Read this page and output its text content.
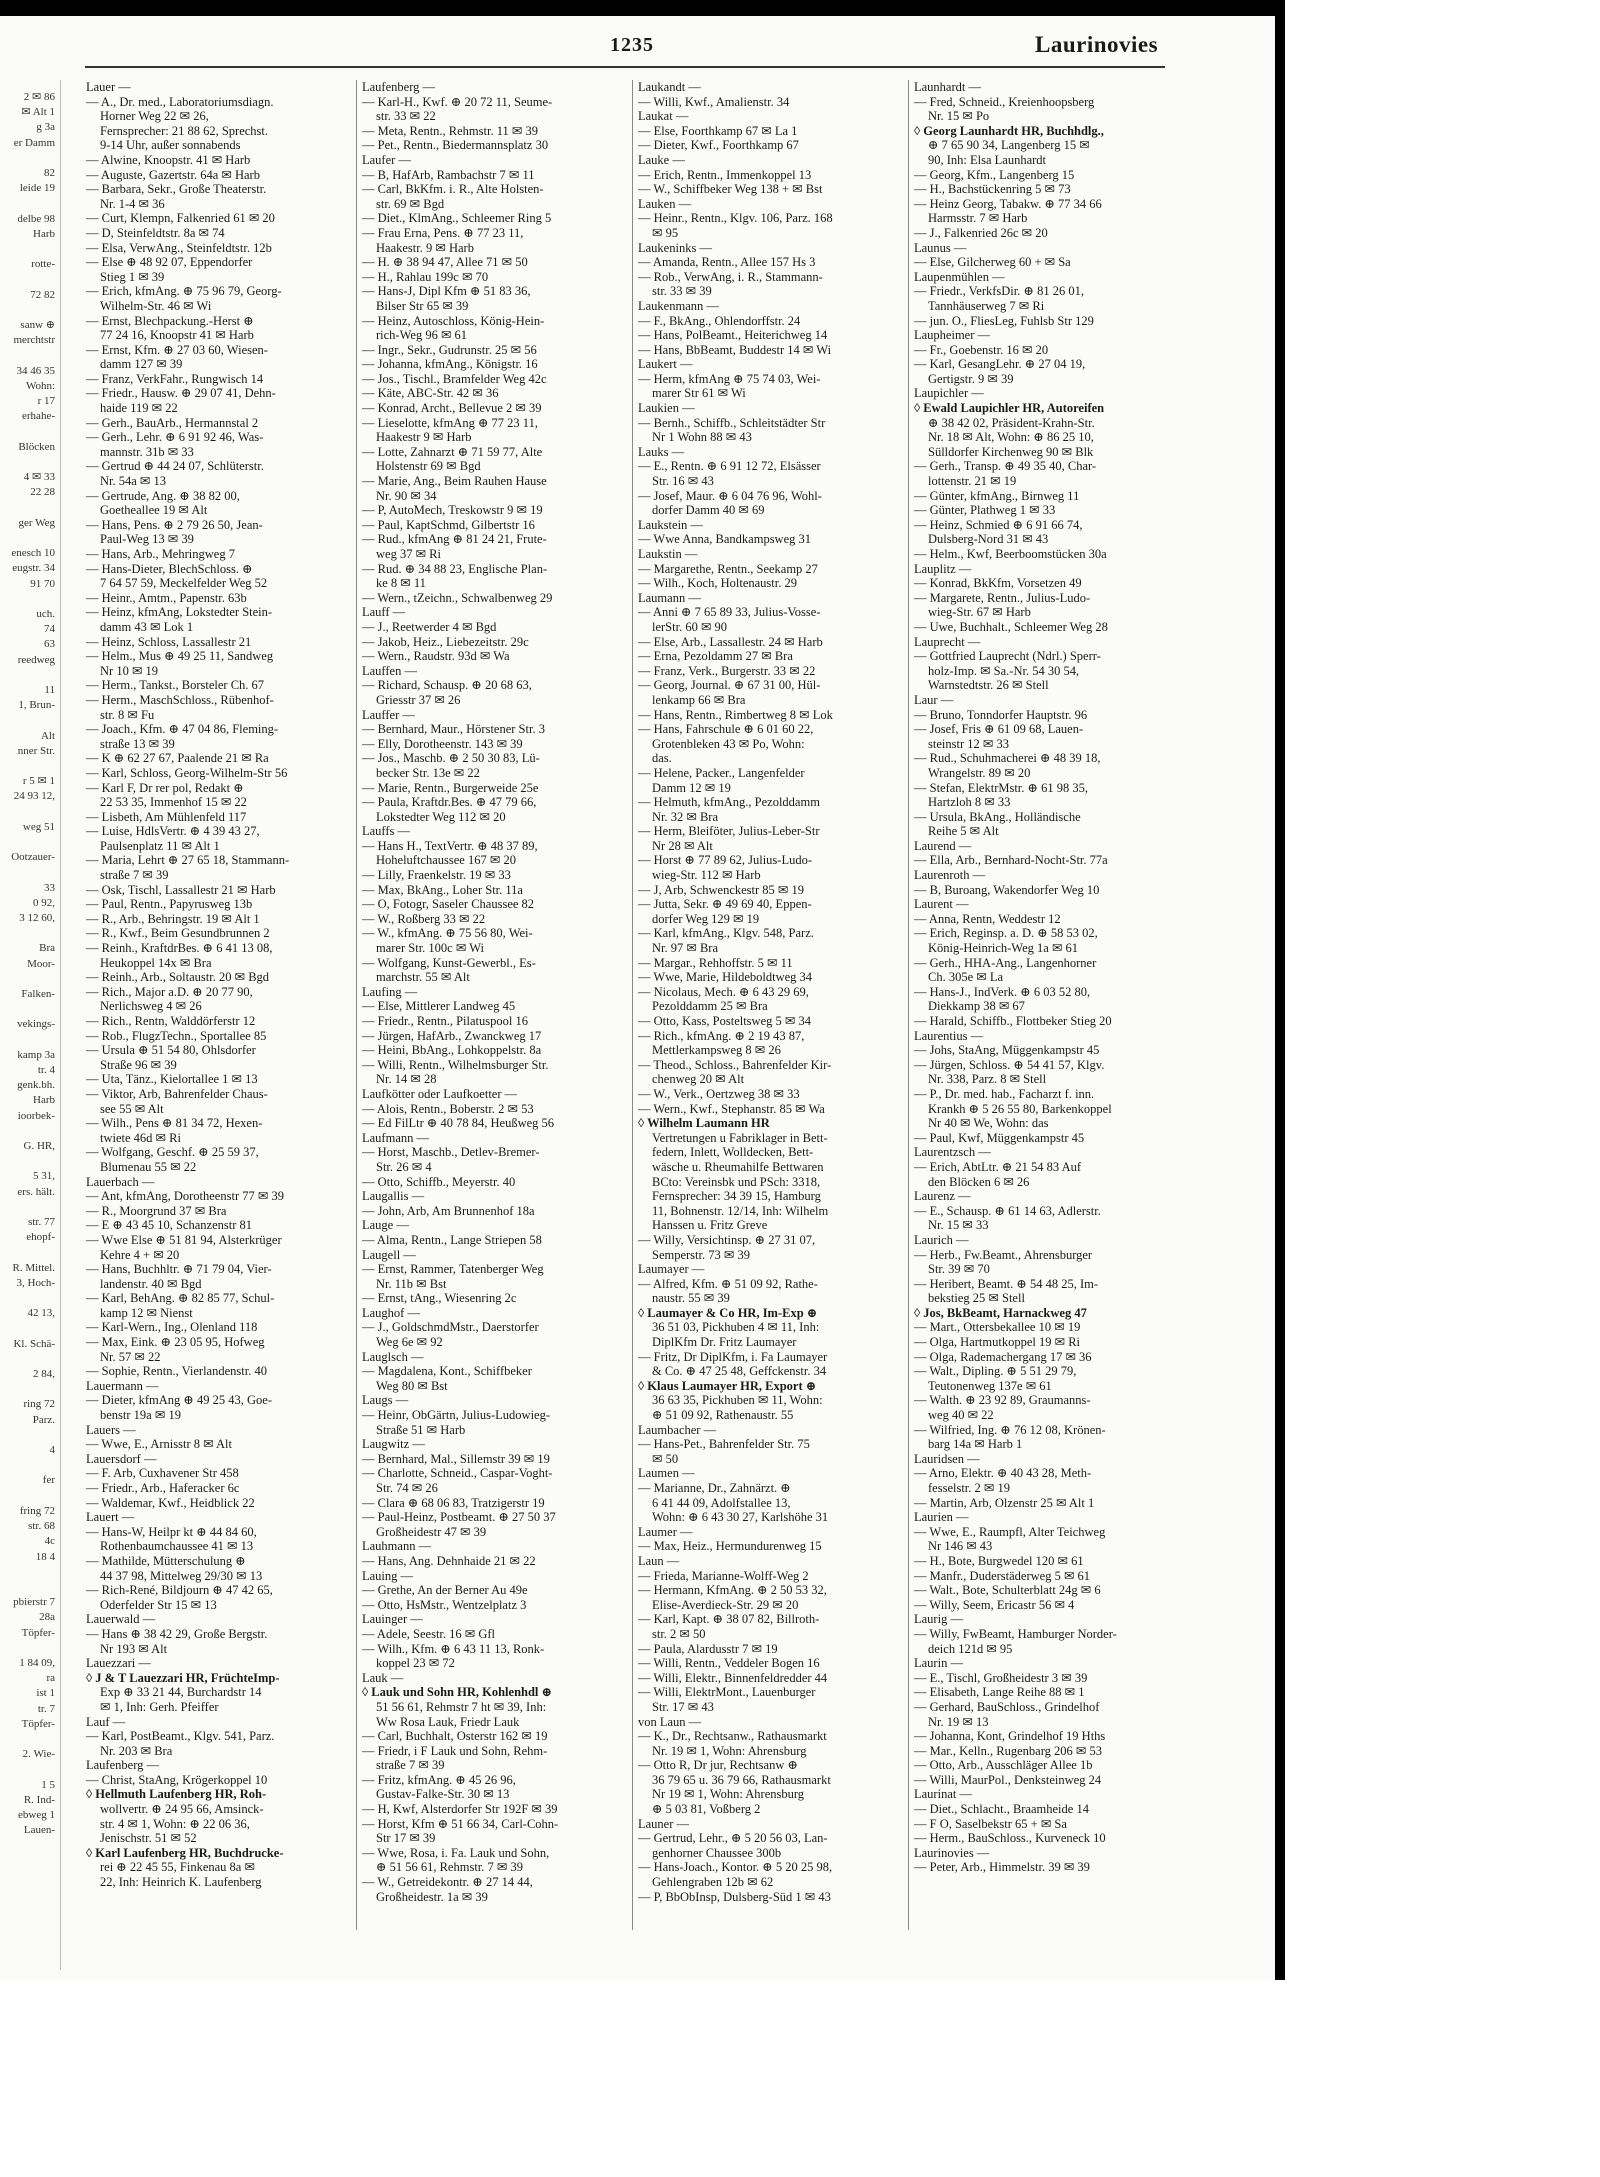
2 ✉ 86
✉ Alt 1
g 3a
er Damm

82
leide 19

delbe 98
Harb

rotte-

72 82

sanw ⊕
merchtstr

34 46 35
Wohn:
r 17
erhahe-

Blöcken

4 ✉ 33
22 28

ger Weg

enesch 10
eugstr. 34
91 70

uch.
74
63
reedweg

11
1, Brun-

Alt
nner Str.

r 5 ✉ 1
24 93 12,

weg 51

Ootzauer-

33
0 92,
3 12 60,

Bra
Moor-

Falken-

vekings-

kamp 3a
tr. 4
genk.bh.
Harb
ioorbek-

G. HR,

5 31,
ers. hält.

str. 77
ehopf-

R. Mittel.
3, Hoch-

42 13,

Kl. Schä-

2 84,

ring 72
Parz.

4

fer

fring 72
str. 68
4c
18 4

pbierstr 7
28a
Töpfer-

1 84 09,
ra
ist 1
tr. 7
Töpfer-

2. Wie-

1 5
R. Ind-
ebweg 1
Lauen-
1235	Laurinovies
Lauer —
— A., Dr. med., Laboratoriumsdiagn.
Horner Weg 22 ✉ 26,
Fernsprecher: 21 88 62, Sprechst.
9-14 Uhr, außer sonnabends
— Alwine, Knoopstr. 41 ✉ Harb
— Auguste, Gazertstr. 64a ✉ Harb
— Barbara, Sekr., Große Theaterstr.
Nr. 1-4 ✉ 36
— Curt, Klempn, Falkenried 61 ✉ 20
— D, Steinfeldtstr. 8a ✉ 74
— Elsa, VerwAng., Steinfeldtstr. 12b
— Else ⊕ 48 92 07, Eppendorfer
Stieg 1 ✉ 39
— Erich, kfmAng. ⊕ 75 96 79, Georg-
Wilhelm-Str. 46 ✉ Wi
— Ernst, Blechpackung.-Herst ⊕
77 24 16, Knoopstr 41 ✉ Harb
— Ernst, Kfm. ⊕ 27 03 60, Wiesen-
damm 127 ✉ 39
— Franz, VerkFahr., Rungwisch 14
— Friedr., Hausw. ⊕ 29 07 41, Dehn-
haide 119 ✉ 22
— Gerh., BauArb., Hermannstal 2
— Gerh., Lehr. ⊕ 6 91 92 46, Was-
mannstr. 31b ✉ 33
— Gertrud ⊕ 44 24 07, Schlüterstr.
Nr. 54a ✉ 13
— Gertrude, Ang. ⊕ 38 82 00,
Goetheallee 19 ✉ Alt
— Hans, Pens. ⊕ 2 79 26 50, Jean-
Paul-Weg 13 ✉ 39
— Hans, Arb., Mehringweg 7
— Hans-Dieter, BlechSchloss. ⊕
7 64 57 59, Meckelfelder Weg 52
— Heinr., Amtm., Papenstr. 63b
— Heinz, kfmAng, Lokstedter Stein-
damm 43 ✉ Lok 1
— Heinz, Schloss, Lassallestr 21
— Helm., Mus ⊕ 49 25 11, Sandweg
Nr 10 ✉ 19
— Herm., Tankst., Borsteler Ch. 67
— Herm., MaschSchloss., Rübenhof-
str. 8 ✉ Fu
— Joach., Kfm. ⊕ 47 04 86, Fleming-
straße 13 ✉ 39
— K ⊕ 62 27 67, Paalende 21 ✉ Ra
— Karl, Schloss, Georg-Wilhelm-Str 56
— Karl F, Dr rer pol, Redakt ⊕
22 53 35, Immenhof 15 ✉ 22
— Lisbeth, Am Mühlenfeld 117
— Luise, HdlsVertr. ⊕ 4 39 43 27,
Paulsenplatz 11 ✉ Alt 1
— Maria, Lehrt ⊕ 27 65 18, Stammann-
straße 7 ✉ 39
— Osk, Tischl, Lassallestr 21 ✉ Harb
— Paul, Rentn., Papyrusweg 13b
— R., Arb., Behringstr. 19 ✉ Alt 1
— R., Kwf., Beim Gesundbrunnen 2
— Reinh., KraftdrBes. ⊕ 6 41 13 08,
Heukoppel 14x ✉ Bra
— Reinh., Arb., Soltaustr. 20 ✉ Bgd
— Rich., Major a.D. ⊕ 20 77 90,
Nerlichsweg 4 ✉ 26
— Rich., Rentn, Walddörferstr 12
— Rob., FlugzTechn., Sportallee 85
— Ursula ⊕ 51 54 80, Ohlsdorfer
Straße 96 ✉ 39
— Uta, Tänz., Kielortallee 1 ✉ 13
— Viktor, Arb, Bahrenfelder Chaus-
see 55 ✉ Alt
— Wilh., Pens ⊕ 81 34 72, Hexen-
twiete 46d ✉ Ri
— Wolfgang, Geschf. ⊕ 25 59 37,
Blumenau 55 ✉ 22
Lauerbach —
— Ant, kfmAng, Dorotheenstr 77 ✉ 39
— R., Moorgrund 37 ✉ Bra
— E ⊕ 43 45 10, Schanzenstr 81
— Wwe Else ⊕ 51 81 94, Alsterkrüger
Kehre 4 + ✉ 20
— Hans, Buchhltr. ⊕ 71 79 04, Vier-
landenstr. 40 ✉ Bgd
— Karl, BehAng. ⊕ 82 85 77, Schul-
kamp 12 ✉ Nienst
— Karl-Wern., Ing., Olenland 118
— Max, Eink. ⊕ 23 05 95, Hofweg
Nr. 57 ✉ 22
— Sophie, Rentn., Vierlandenstr. 40
Lauermann —
— Dieter, kfmAng ⊕ 49 25 43, Goe-
benstr 19a ✉ 19
Lauers —
— Wwe, E., Arnisstr 8 ✉ Alt
Lauersdorf —
— F. Arb, Cuxhavener Str 458
— Friedr., Arb., Haferacker 6c
— Waldemar, Kwf., Heidblick 22
Lauert —
— Hans-W, Heilpr kt ⊕ 44 84 60,
Rothenbaumchaussee 41 ✉ 13
— Mathilde, Mütterschulung ⊕
44 37 98, Mittelweg 29/30 ✉ 13
— Rich-René, Bildjourn ⊕ 47 42 65,
Oderfelder Str 15 ✉ 13
Lauerwald —
— Hans ⊕ 38 42 29, Große Bergstr.
Nr 193 ✉ Alt
Lauezzari —
◊ J & T Lauezzari HR, FrüchteImp-
Exp ⊕ 33 21 44, Burchardstr 14
✉ 1, Inh: Gerh. Pfeiffer
Lauf —
— Karl, PostBeamt., Klgv. 541, Parz.
Nr. 203 ✉ Bra
Laufenberg —
— Christ, StaAng, Krögerkoppel 10
◊ Hellmuth Laufenberg HR, Roh-
wollvertr. ⊕ 24 95 66, Amsinck-
str. 4 ✉ 1, Wohn: ⊕ 22 06 36,
Jenischstr. 51 ✉ 52
◊ Karl Laufenberg HR, Buchdrucke-
rei ⊕ 22 45 55, Finkenau 8a ✉
22, Inh: Heinrich K. Laufenberg
Laufenberg —
— Karl-H., Kwf. ⊕ 20 72 11, Seume-
str. 33 ✉ 22
— Meta, Rentn., Rehmstr. 11 ✉ 39
— Pet., Rentn., Biedermannsplatz 30
Laufer —
— B, HafArb, Rambachstr 7 ✉ 11
— Carl, BkKfm. i. R., Alte Holsten-
str. 69 ✉ Bgd
— Diet., KlmAng., Schleemer Ring 5
— Frau Erna, Pens. ⊕ 77 23 11,
Haakestr. 9 ✉ Harb
— H. ⊕ 38 94 47, Allee 71 ✉ 50
— H., Rahlau 199c ✉ 70
— Hans-J, Dipl Kfm ⊕ 51 83 36,
Bilser Str 65 ✉ 39
— Heinz, Autoschloss, König-Hein-
rich-Weg 96 ✉ 61
— Ingr., Sekr., Gudrunstr. 25 ✉ 56
— Johanna, kfmAng., Königstr. 16
— Jos., Tischl., Bramfelder Weg 42c
— Käte, ABC-Str. 42 ✉ 36
— Konrad, Archt., Bellevue 2 ✉ 39
— Lieselotte, kfmAng ⊕ 77 23 11,
Haakestr 9 ✉ Harb
— Lotte, Zahnarzt ⊕ 71 59 77, Alte
Holstenstr 69 ✉ Bgd
— Marie, Ang., Beim Rauhen Hause
Nr. 90 ✉ 34
— P, AutoMech, Treskowstr 9 ✉ 19
— Paul, KaptSchmd, Gilbertstr 16
— Rud., kfmAng ⊕ 81 24 21, Frute-
weg 37 ✉ Ri
— Rud. ⊕ 34 88 23, Englische Plan-
ke 8 ✉ 11
— Wern., tZeichn., Schwalbenweg 29
Lauff —
— J., Reetwerder 4 ✉ Bgd
— Jakob, Heiz., Liebezeitstr. 29c
— Wern., Raudstr. 93d ✉ Wa
Lauffen —
— Richard, Schausp. ⊕ 20 68 63,
Griesstr 37 ✉ 26
Lauffer —
— Bernhard, Maur., Hörstener Str. 3
— Elly, Dorotheenstr. 143 ✉ 39
— Jos., Maschb. ⊕ 2 50 30 83, Lü-
becker Str. 13e ✉ 22
— Marie, Rentn., Burgerweide 25e
— Paula, Kraftdr.Bes. ⊕ 47 79 66,
Lokstedter Weg 112 ✉ 20
Lauffs —
— Hans H., TextVertr. ⊕ 48 37 89,
Hoheluftchaussee 167 ✉ 20
— Lilly, Fraenkelstr. 19 ✉ 33
— Max, BkAng., Loher Str. 11a
— O, Fotogr, Saseler Chaussee 82
— W., Roßberg 33 ✉ 22
— W., kfmAng. ⊕ 75 56 80, Wei-
marer Str. 100c ✉ Wi
— Wolfgang, Kunst-Gewerbl., Es-
marchstr. 55 ✉ Alt
Laufing —
— Else, Mittlerer Landweg 45
— Friedr., Rentn., Pilatuspool 16
— Jürgen, HafArb., Zwanckweg 17
— Heini, BbAng., Lohkoppelstr. 8a
— Willi, Rentn., Wilhelmsburger Str.
Nr. 14 ✉ 28
Laufkötter oder Laufkoetter —
— Alois, Rentn., Boberstr. 2 ✉ 53
— Ed FilLtr ⊕ 40 78 84, Heußweg 56
Laufmann —
— Horst, Maschb., Detlev-Bremer-
Str. 26 ✉ 4
— Otto, Schiffb., Meyerstr. 40
Laugallis —
— John, Arb, Am Brunnenhof 18a
Lauge —
— Alma, Rentn., Lange Striepen 58
Laugell —
— Ernst, Rammer, Tatenberger Weg
Nr. 11b ✉ Bst
— Ernst, tAng., Wiesenring 2c
Laughof —
— J., GoldschmdMstr., Daerstorfer
Weg 6e ✉ 92
Lauglsch —
— Magdalena, Kont., Schiffbeker
Weg 80 ✉ Bst
Laugs —
— Heinr, ObGärtn, Julius-Ludowieg-
Straße 51 ✉ Harb
Laugwitz —
— Bernhard, Mal., Sillemstr 39 ✉ 19
— Charlotte, Schneid., Caspar-Voght-
Str. 74 ✉ 26
— Clara ⊕ 68 06 83, Tratzigerstr 19
— Paul-Heinz, Postbeamt. ⊕ 27 50 37
Großheidestr 47 ✉ 39
Lauhmann —
— Hans, Ang. Dehnhaide 21 ✉ 22
Lauing —
— Grethe, An der Berner Au 49e
— Otto, HsMstr., Wentzelplatz 3
Lauinger —
— Adele, Seestr. 16 ✉ Gfl
— Wilh., Kfm. ⊕ 6 43 11 13, Ronk-
koppel 23 ✉ 72
Lauk —
◊ Lauk und Sohn HR, Kohlenhdl ⊕
51 56 61, Rehmstr 7 ht ✉ 39, Inh:
Ww Rosa Lauk, Friedr Lauk
— Carl, Buchhalt, Osterstr 162 ✉ 19
— Friedr, i F Lauk und Sohn, Rehm-
straße 7 ✉ 39
— Fritz, kfmAng. ⊕ 45 26 96,
Gustav-Falke-Str. 30 ✉ 13
— H, Kwf, Alsterdorfer Str 192F ✉ 39
— Horst, Kfm ⊕ 51 66 34, Carl-Cohn-
Str 17 ✉ 39
— Wwe, Rosa, i. Fa. Lauk und Sohn,
⊕ 51 56 61, Rehmstr. 7 ✉ 39
— W., Getreidekontr. ⊕ 27 14 44,
Großheidestr. 1a ✉ 39
Laukandt —
— Willi, Kwf., Amalienstr. 34
Laukat —
— Else, Foorthkamp 67 ✉ La 1
— Dieter, Kwf., Foorthkamp 67
Lauke —
— Erich, Rentn., Immenkoppel 13
— W., Schiffbeker Weg 138 + ✉ Bst
Lauken —
— Heinr., Rentn., Klgv. 106, Parz. 168
✉ 95
Laukeninks —
— Amanda, Rentn., Allee 157 Hs 3
— Rob., VerwAng, i. R., Stammann-
str. 33 ✉ 39
Laukenmann —
— F., BkAng., Ohlendorffstr. 24
— Hans, PolBeamt., Heiterichweg 14
— Hans, BbBeamt, Buddestr 14 ✉ Wi
Laukert —
— Herm, kfmAng ⊕ 75 74 03, Wei-
marer Str 61 ✉ Wi
Laukien —
— Bernh., Schiffb., Schleitstädter Str
Nr 1 Wohn 88 ✉ 43
Lauks —
— E., Rentn. ⊕ 6 91 12 72, Elsässer
Str. 16 ✉ 43
— Josef, Maur. ⊕ 6 04 76 96, Wohl-
dorfer Damm 40 ✉ 69
Laukstein —
— Wwe Anna, Bandkampsweg 31
Laukstin —
— Margarethe, Rentn., Seekamp 27
— Wilh., Koch, Holtenaustr. 29
Laumann —
— Anni ⊕ 7 65 89 33, Julius-Vosse-
lerStr. 60 ✉ 90
— Else, Arb., Lassallestr. 24 ✉ Harb
— Erna, Pezoldamm 27 ✉ Bra
— Franz, Verk., Burgerstr. 33 ✉ 22
— Georg, Journal. ⊕ 67 31 00, Hül-
lenkamp 66 ✉ Bra
— Hans, Rentn., Rimbertweg 8 ✉ Lok
— Hans, Fahrschule ⊕ 6 01 60 22,
Grotenbleken 43 ✉ Po, Wohn:
das.
— Helene, Packer., Langenfelder
Damm 12 ✉ 19
— Helmuth, kfmAng., Pezolddamm
Nr. 32 ✉ Bra
— Herm, Bleiföter, Julius-Leber-Str
Nr 28 ✉ Alt
— Horst ⊕ 77 89 62, Julius-Ludo-
wieg-Str. 112 ✉ Harb
— J, Arb, Schwenckestr 85 ✉ 19
— Jutta, Sekr. ⊕ 49 69 40, Eppen-
dorfer Weg 129 ✉ 19
— Karl, kfmAng., Klgv. 548, Parz.
Nr. 97 ✉ Bra
— Margar., Rehhoffstr. 5 ✉ 11
— Wwe, Marie, Hildeboldtweg 34
— Nicolaus, Mech. ⊕ 6 43 29 69,
Pezolddamm 25 ✉ Bra
— Otto, Kass, Posteltsweg 5 ✉ 34
— Rich., kfmAng. ⊕ 2 19 43 87,
Mettlerkampsweg 8 ✉ 26
— Theod., Schloss., Bahrenfelder Kir-
chenweg 20 ✉ Alt
— W., Verk., Oertzweg 38 ✉ 33
— Wern., Kwf., Stephanstr. 85 ✉ Wa
◊ Wilhelm Laumann HR
Vertretungen u Fabriklager in Bett-
federn, Inlett, Wolldecken, Bett-
wäsche u. Rheumahilfe Bettwaren
BCto: Vereinsbk und PSch: 3318,
Fernsprecher: 34 39 15, Hamburg
11, Bohnenstr. 12/14, Inh: Wilhelm
Hanssen u. Fritz Greve
— Willy, Versichtinsp. ⊕ 27 31 07,
Semperstr. 73 ✉ 39
Laumayer —
— Alfred, Kfm. ⊕ 51 09 92, Rathe-
naustr. 55 ✉ 39
◊ Laumayer & Co HR, Im-Exp ⊕
36 51 03, Pickhuben 4 ✉ 11, Inh:
DiplKfm Dr. Fritz Laumayer
— Fritz, Dr DiplKfm, i. Fa Laumayer
& Co. ⊕ 47 25 48, Geffckenstr. 34
◊ Klaus Laumayer HR, Export ⊕
36 63 35, Pickhuben ✉ 11, Wohn:
⊕ 51 09 92, Rathenaustr. 55
Laumbacher —
— Hans-Pet., Bahrenfelder Str. 75
✉ 50
Laumen —
— Marianne, Dr., Zahnärzt. ⊕
6 41 44 09, Adolfstallee 13,
Wohn: ⊕ 6 43 30 27, Karlshöhe 31
Laumer —
— Max, Heiz., Hermundurenweg 15
Laun —
— Frieda, Marianne-Wolff-Weg 2
— Hermann, KfmAng. ⊕ 2 50 53 32,
Elise-Averdieck-Str. 29 ✉ 20
— Karl, Kapt. ⊕ 38 07 82, Billroth-
str. 2 ✉ 50
— Paula, Alardusstr 7 ✉ 19
— Willi, Rentn., Veddeler Bogen 16
— Willi, Elektr., Binnenfeldredder 44
— Willi, ElektrMont., Lauenburger
Str. 17 ✉ 43
von Laun —
— K., Dr., Rechtsanw., Rathausmarkt
Nr. 19 ✉ 1, Wohn: Ahrensburg
— Otto R, Dr jur, Rechtsanw ⊕
36 79 65 u. 36 79 66, Rathausmarkt
Nr 19 ✉ 1, Wohn: Ahrensburg
⊕ 5 03 81, Voßberg 2
Launer —
— Gertrud, Lehr., ⊕ 5 20 56 03, Lan-
genhorner Chaussee 300b
— Hans-Joach., Kontor. ⊕ 5 20 25 98,
Gehlengraben 12b ✉ 62
— P, BbObInsp, Dulsberg-Süd 1 ✉ 43
Launhardt —
— Fred, Schneid., Kreienhoopsberg
Nr. 15 ✉ Po
◊ Georg Launhardt HR, Buchhdlg.,
⊕ 7 65 90 34, Langenberg 15 ✉
90, Inh: Elsa Launhardt
— Georg, Kfm., Langenberg 15
— H., Bachstückenring 5 ✉ 73
— Heinz Georg, Tabakw. ⊕ 77 34 66
Harmsstr. 7 ✉ Harb
— J., Falkenried 26c ✉ 20
Launus —
— Else, Gilcherweg 60 + ✉ Sa
Laupenmühlen —
— Friedr., VerkfsDir. ⊕ 81 26 01,
Tannhäuserweg 7 ✉ Ri
— jun. O., FliesLeg, Fuhlsb Str 129
Laupheimer —
— Fr., Goebenstr. 16 ✉ 20
— Karl, GesangLehr. ⊕ 27 04 19,
Gertigstr. 9 ✉ 39
Laupichler —
◊ Ewald Laupichler HR, Autoreifen
⊕ 38 42 02, Präsident-Krahn-Str.
Nr. 18 ✉ Alt, Wohn: ⊕ 86 25 10,
Sülldorfer Kirchenweg 90 ✉ Blk
— Gerh., Transp. ⊕ 49 35 40, Char-
lottenstr. 21 ✉ 19
— Günter, kfmAng., Birnweg 11
— Günter, Plathweg 1 ✉ 33
— Heinz, Schmied ⊕ 6 91 66 74,
Dulsberg-Nord 31 ✉ 43
— Helm., Kwf, Beerboomstücken 30a
Lauplitz —
— Konrad, BkKfm, Vorsetzen 49
— Margarete, Rentn., Julius-Ludo-
wieg-Str. 67 ✉ Harb
— Uwe, Buchhalt., Schleemer Weg 28
Lauprecht —
— Gottfried Lauprecht (Ndrl.) Sperr-
holz-Imp. ✉ Sa.-Nr. 54 30 54,
Warnstedtstr. 26 ✉ Stell
Laur —
— Bruno, Tonndorfer Hauptstr. 96
— Josef, Fris ⊕ 61 09 68, Lauen-
steinstr 12 ✉ 33
— Rud., Schuhmacherei ⊕ 48 39 18,
Wrangelstr. 89 ✉ 20
— Stefan, ElektrMstr. ⊕ 61 98 35,
Hartzloh 8 ✉ 33
— Ursula, BkAng., Holländische
Reihe 5 ✉ Alt
Laurend —
— Ella, Arb., Bernhard-Nocht-Str. 77a
Laurenroth —
— B, Buroang, Wakendorfer Weg 10
Laurent —
— Anna, Rentn, Weddestr 12
— Erich, Reginsp. a. D. ⊕ 58 53 02,
König-Heinrich-Weg 1a ✉ 61
— Gerh., HHA-Ang., Langenhorner
Ch. 305e ✉ La
— Hans-J., IndVerk. ⊕ 6 03 52 80,
Diekkamp 38 ✉ 67
— Harald, Schiffb., Flottbeker Stieg 20
Laurentius —
— Johs, StaAng, Müggenkampstr 45
— Jürgen, Schloss. ⊕ 54 41 57, Klgv.
Nr. 338, Parz. 8 ✉ Stell
— P., Dr. med. hab., Facharzt f. inn.
Krankh ⊕ 5 26 55 80, Barkenkoppel
Nr 40 ✉ We, Wohn: das
— Paul, Kwf, Müggenkampstr 45
Laurentzsch —
— Erich, AbtLtr. ⊕ 21 54 83 Auf
den Blöcken 6 ✉ 26
Laurenz —
— E., Schausp. ⊕ 61 14 63, Adlerstr.
Nr. 15 ✉ 33
Laurich —
— Herb., Fw.Beamt., Ahrensburger
Str. 39 ✉ 70
— Heribert, Beamt. ⊕ 54 48 25, Im-
bekstieg 25 ✉ Stell
◊ Jos, BkBeamt, Harnackweg 47
— Mart., Ottersbekallee 10 ✉ 19
— Olga, Hartmutkoppel 19 ✉ Ri
— Olga, Rademachergang 17 ✉ 36
— Walt., Dipling. ⊕ 5 51 29 79,
Teutonenweg 137e ✉ 61
— Walth. ⊕ 23 92 89, Graumanns-
weg 40 ✉ 22
— Wilfried, Ing. ⊕ 76 12 08, Krönen-
barg 14a ✉ Harb 1
Lauridsen —
— Arno, Elektr. ⊕ 40 43 28, Meth-
fesselstr. 2 ✉ 19
— Martin, Arb, Olzenstr 25 ✉ Alt 1
Laurien —
— Wwe, E., Raumpfl, Alter Teichweg
Nr 146 ✉ 43
— H., Bote, Burgwedel 120 ✉ 61
— Manfr., Duderstäderweg 5 ✉ 61
— Walt., Bote, Schulterblatt 24g ✉ 6
— Willy, Seem, Ericastr 56 ✉ 4
Laurig —
— Willy, FwBeamt, Hamburger Norder-
deich 121d ✉ 95
Laurin —
— E., Tischl, Großheidestr 3 ✉ 39
— Elisabeth, Lange Reihe 88 ✉ 1
— Gerhard, BauSchloss., Grindelhof
Nr. 19 ✉ 13
— Johanna, Kont, Grindelhof 19 Hths
— Mar., Kelln., Rugenbarg 206 ✉ 53
— Otto, Arb., Ausschläger Allee 1b
— Willi, MaurPol., Denksteinweg 24
Laurinat —
— Diet., Schlacht., Braamheide 14
— F O, Saselbekstr 65 + ✉ Sa
— Herm., BauSchloss., Kurveneck 10
Laurinovies —
— Peter, Arb., Himmelstr. 39 ✉ 39
